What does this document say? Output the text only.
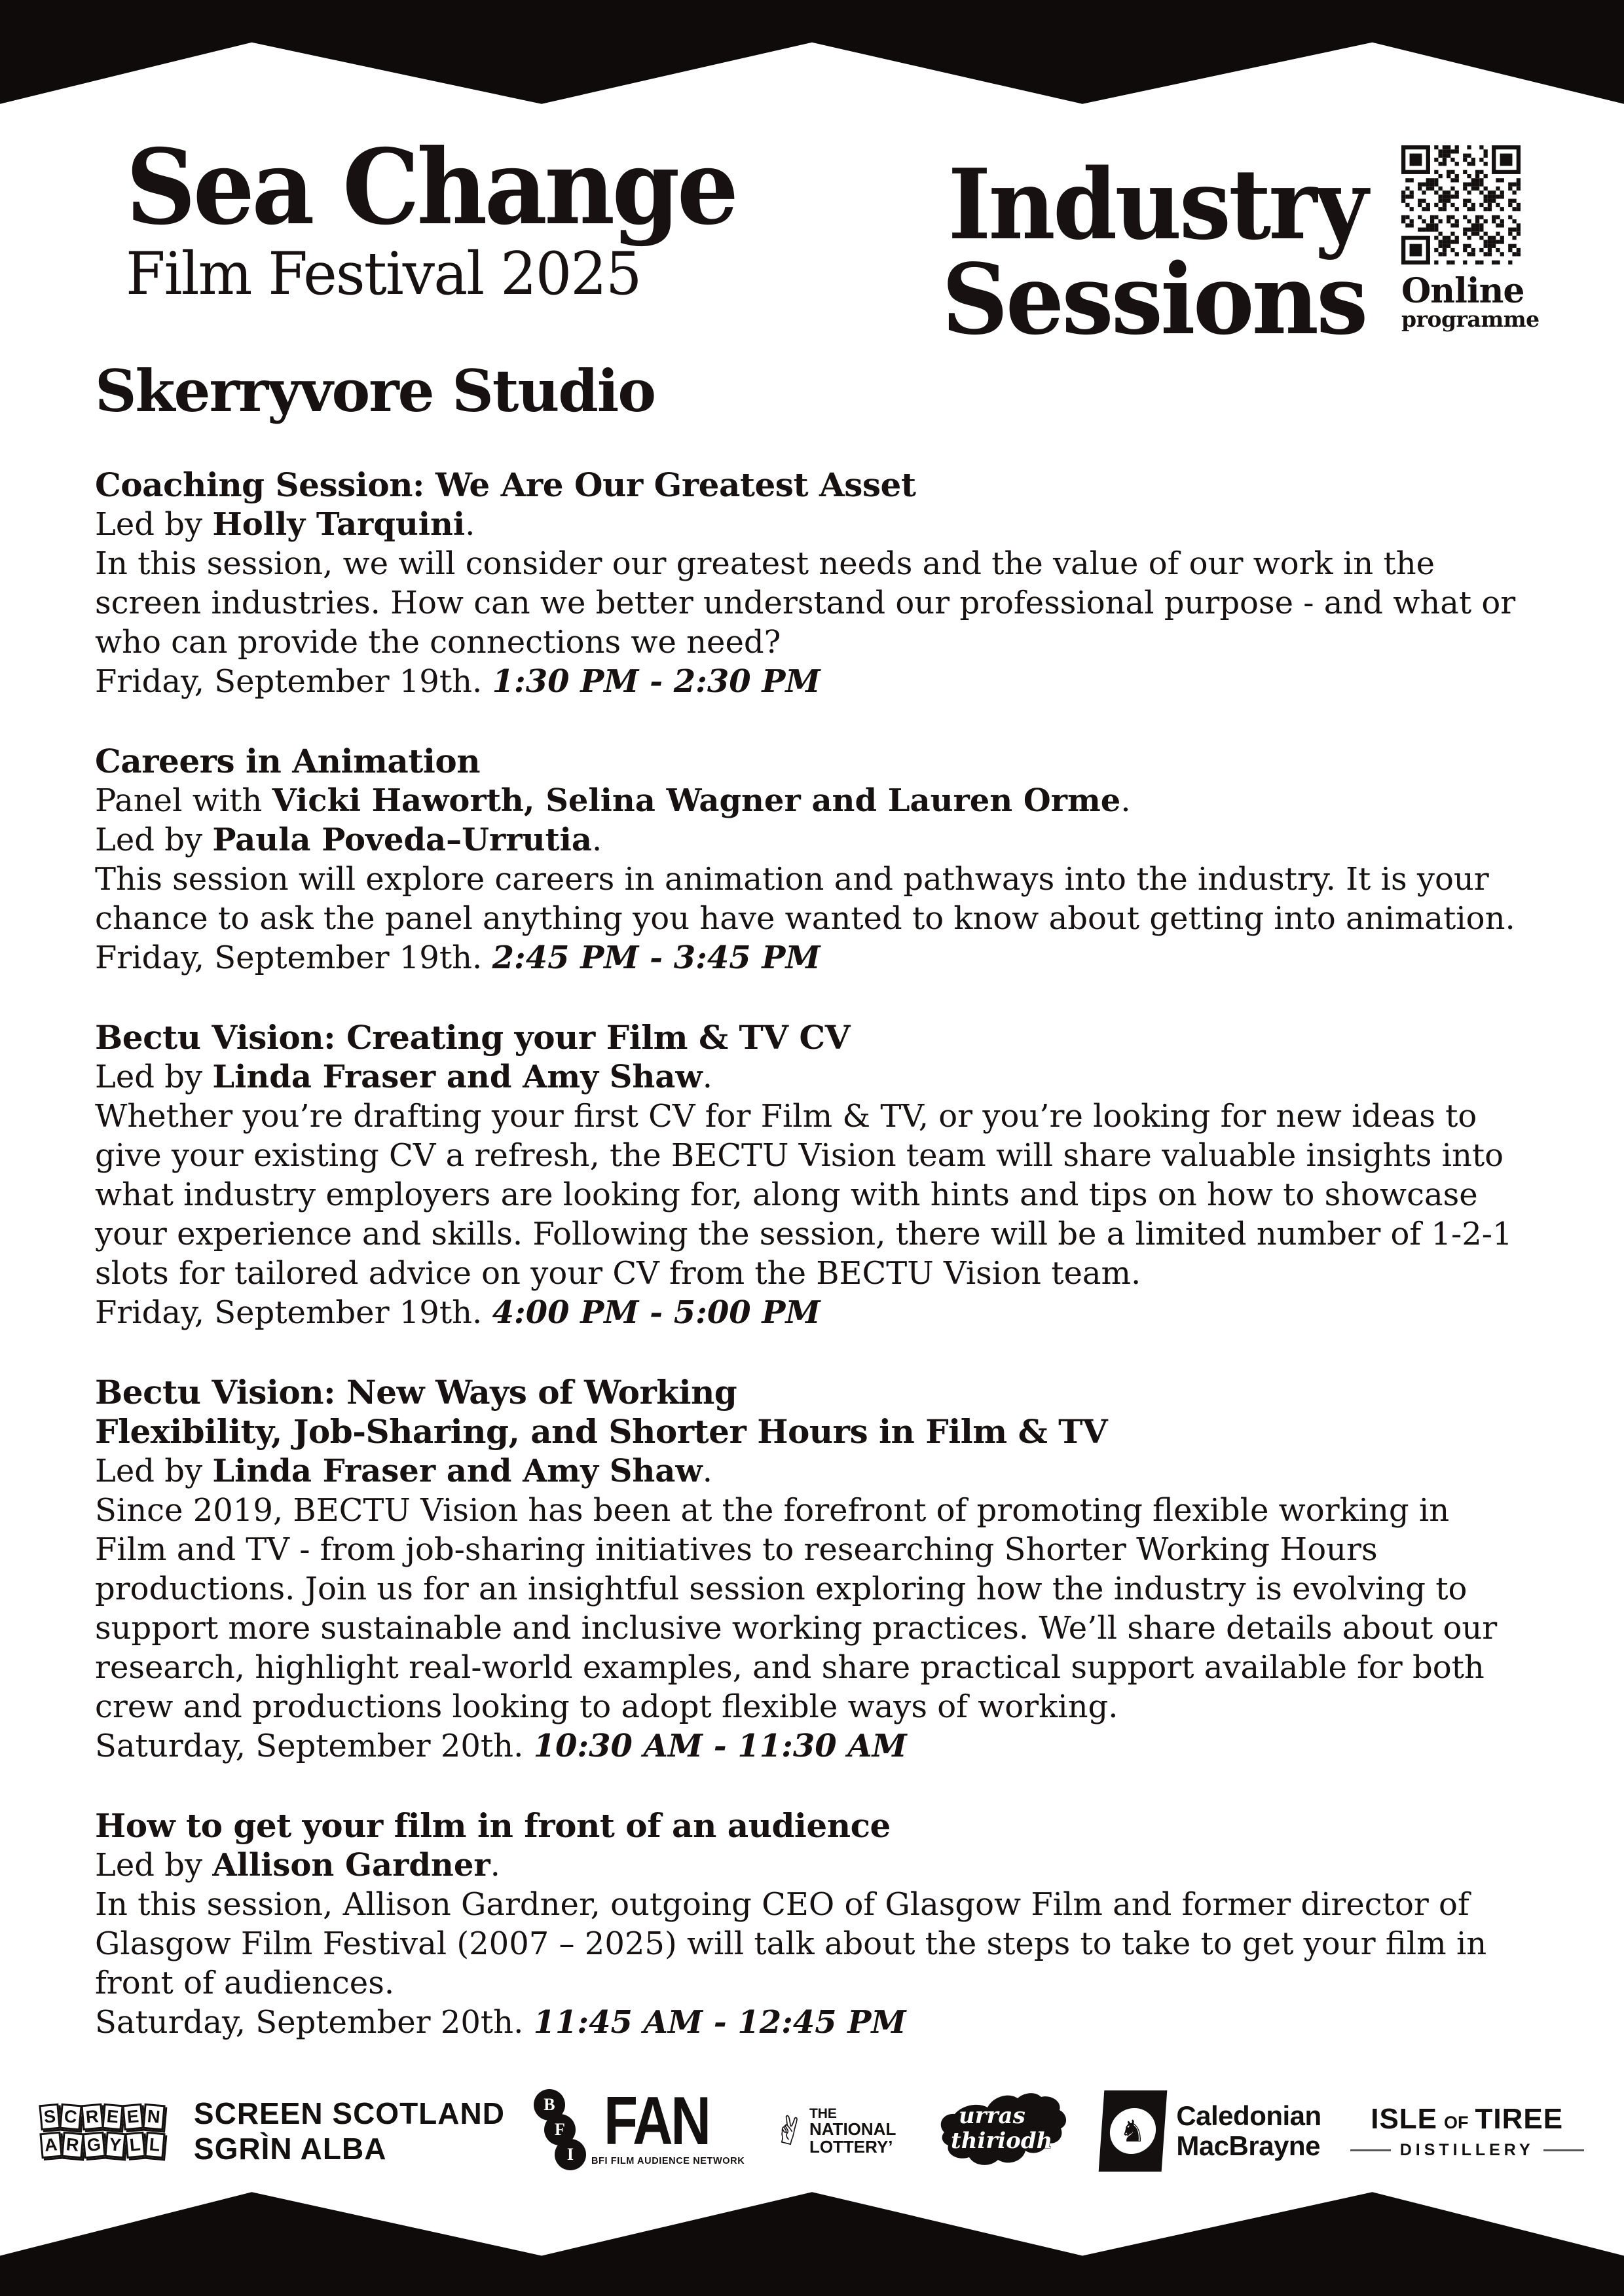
Sea Change
Film Festival 2025
Industry
Sessions Online
programme
Skerryvore Studio
Coaching Session: We Are Our Greatest Asset
Led by Holly Tarquini.
In this session, we will consider our greatest needs and the value of our work in the screen industries. How can we better understand our professional purpose - and what or who can provide the connections we need?
Friday, September 19th. 1:30 PM - 2:30 PM
Careers in Animation
Panel with Vicki Haworth, Selina Wagner and Lauren Orme.
Led by Paula Poveda–Urrutia.
This session will explore careers in animation and pathways into the industry. It is your chance to ask the panel anything you have wanted to know about getting into animation.
Friday, September 19th. 2:45 PM - 3:45 PM
Bectu Vision: Creating your Film & TV CV
Led by Linda Fraser and Amy Shaw.
Whether you’re drafting your first CV for Film & TV, or you’re looking for new ideas to give your existing CV a refresh, the BECTU Vision team will share valuable insights into what industry employers are looking for, along with hints and tips on how to showcase your experience and skills. Following the session, there will be a limited number of 1-2-1 slots for tailored advice on your CV from the BECTU Vision team.
Friday, September 19th. 4:00 PM - 5:00 PM
Bectu Vision: New Ways of Working
Flexibility, Job-Sharing, and Shorter Hours in Film & TV
Led by Linda Fraser and Amy Shaw.
Since 2019, BECTU Vision has been at the forefront of promoting flexible working in Film and TV - from job-sharing initiatives to researching Shorter Working Hours productions. Join us for an insightful session exploring how the industry is evolving to support more sustainable and inclusive working practices. We’ll share details about our research, highlight real-world examples, and share practical support available for both crew and productions looking to adopt flexible ways of working.
Saturday, September 20th. 10:30 AM - 11:30 AM
How to get your film in front of an audience
Led by Allison Gardner.
In this session, Allison Gardner, outgoing CEO of Glasgow Film and former director of Glasgow Film Festival (2007 – 2025) will talk about the steps to take to get your film in front of audiences.
Saturday, September 20th. 11:45 AM - 12:45 PM
S C R E E N
A R G Y L L
SCREEN SCOTLAND
SGRÌN ALBA
B
F
I FAN
BFI FILM AUDIENCE NETWORK
✌
THE
NATIONAL
LOTTERY’
urras
thiriodh	♞	Caledonian
MacBrayne
ISLE OF TIREE
DISTILLERY
